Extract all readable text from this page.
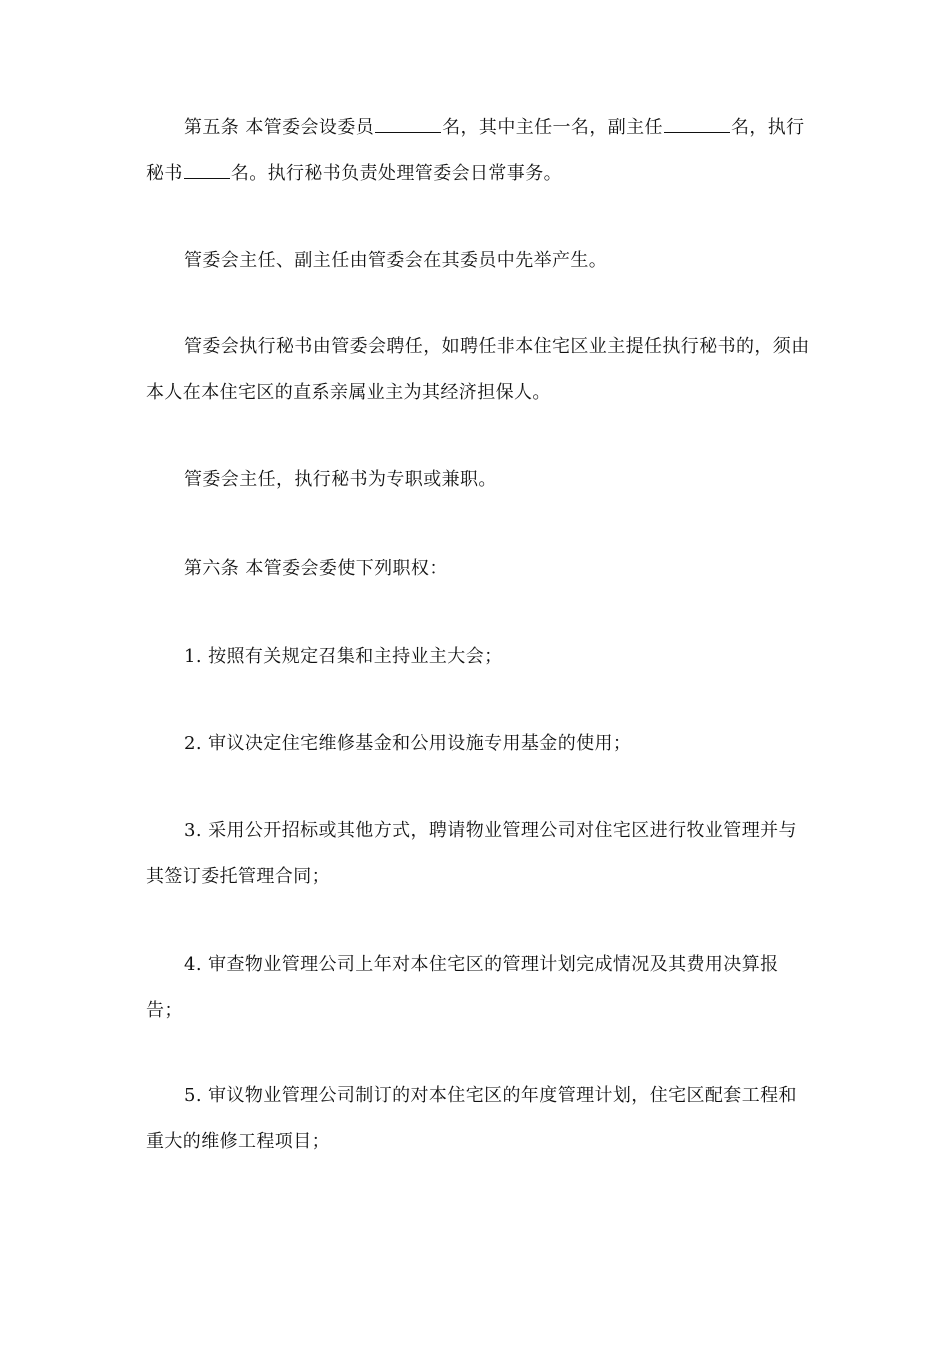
第五条 本管委会设委员	名，其中主任一名，副主任	名，执行秘书	名。执行秘书负责处理管委会日常事务。

管委会主任、副主任由管委会在其委员中先举产生。

管委会执行秘书由管委会聘任，如聘任非本住宅区业主提任执行秘书的，须由本人在本住宅区的直系亲属业主为其经济担保人。

管委会主任，执行秘书为专职或兼职。

第六条 本管委会委使下列职权：

1. 按照有关规定召集和主持业主大会；

2. 审议决定住宅维修基金和公用设施专用基金的使用；

3. 采用公开招标或其他方式，聘请物业管理公司对住宅区进行牧业管理并与其签订委托管理合同；

4. 审查物业管理公司上年对本住宅区的管理计划完成情况及其费用决算报告；

5. 审议物业管理公司制订的对本住宅区的年度管理计划，住宅区配套工程和重大的维修工程项目；
